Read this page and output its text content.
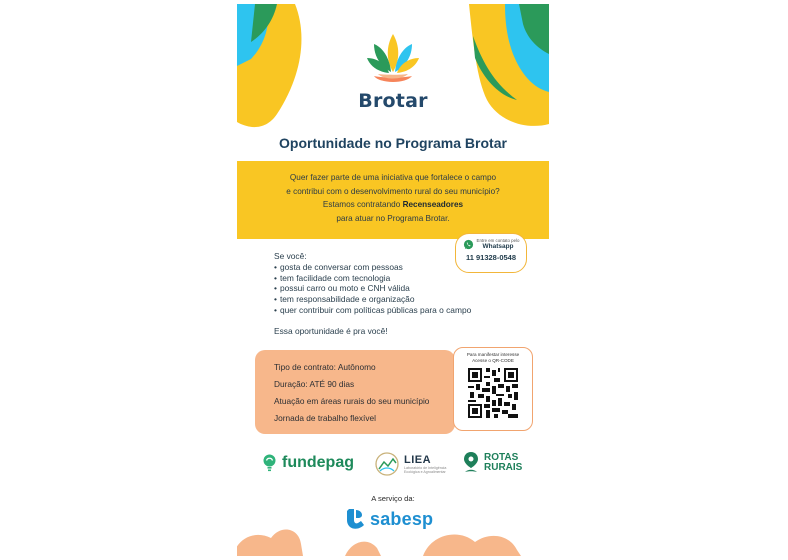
Brotar
Oportunidade no Programa Brotar
Quer fazer parte de uma iniciativa que fortalece o campo
e contribui com o desenvolvimento rural do seu município?
Estamos contratando Recenseadores
para atuar no Programa Brotar.
Entre em contato pelo
Whatsapp
11 91328-0548
Se você:
• gosta de conversar com pessoas
• tem facilidade com tecnologia
• possui carro ou moto e CNH válida
• tem responsabilidade e organização
• quer contribuir com políticas públicas para o campo
Essa oportunidade é pra você!
Tipo de contrato: Autônomo
Duração: ATÉ 90 dias
Atuação em áreas rurais do seu município
Jornada de trabalho flexível
Para manifestar interesse
Acesse o QR-CODE
fundepag	LIEA
Laboratório de Inteligência Ecológica e Agroalimentar
ROTAS
RURAIS
A serviço da:
sabesp
